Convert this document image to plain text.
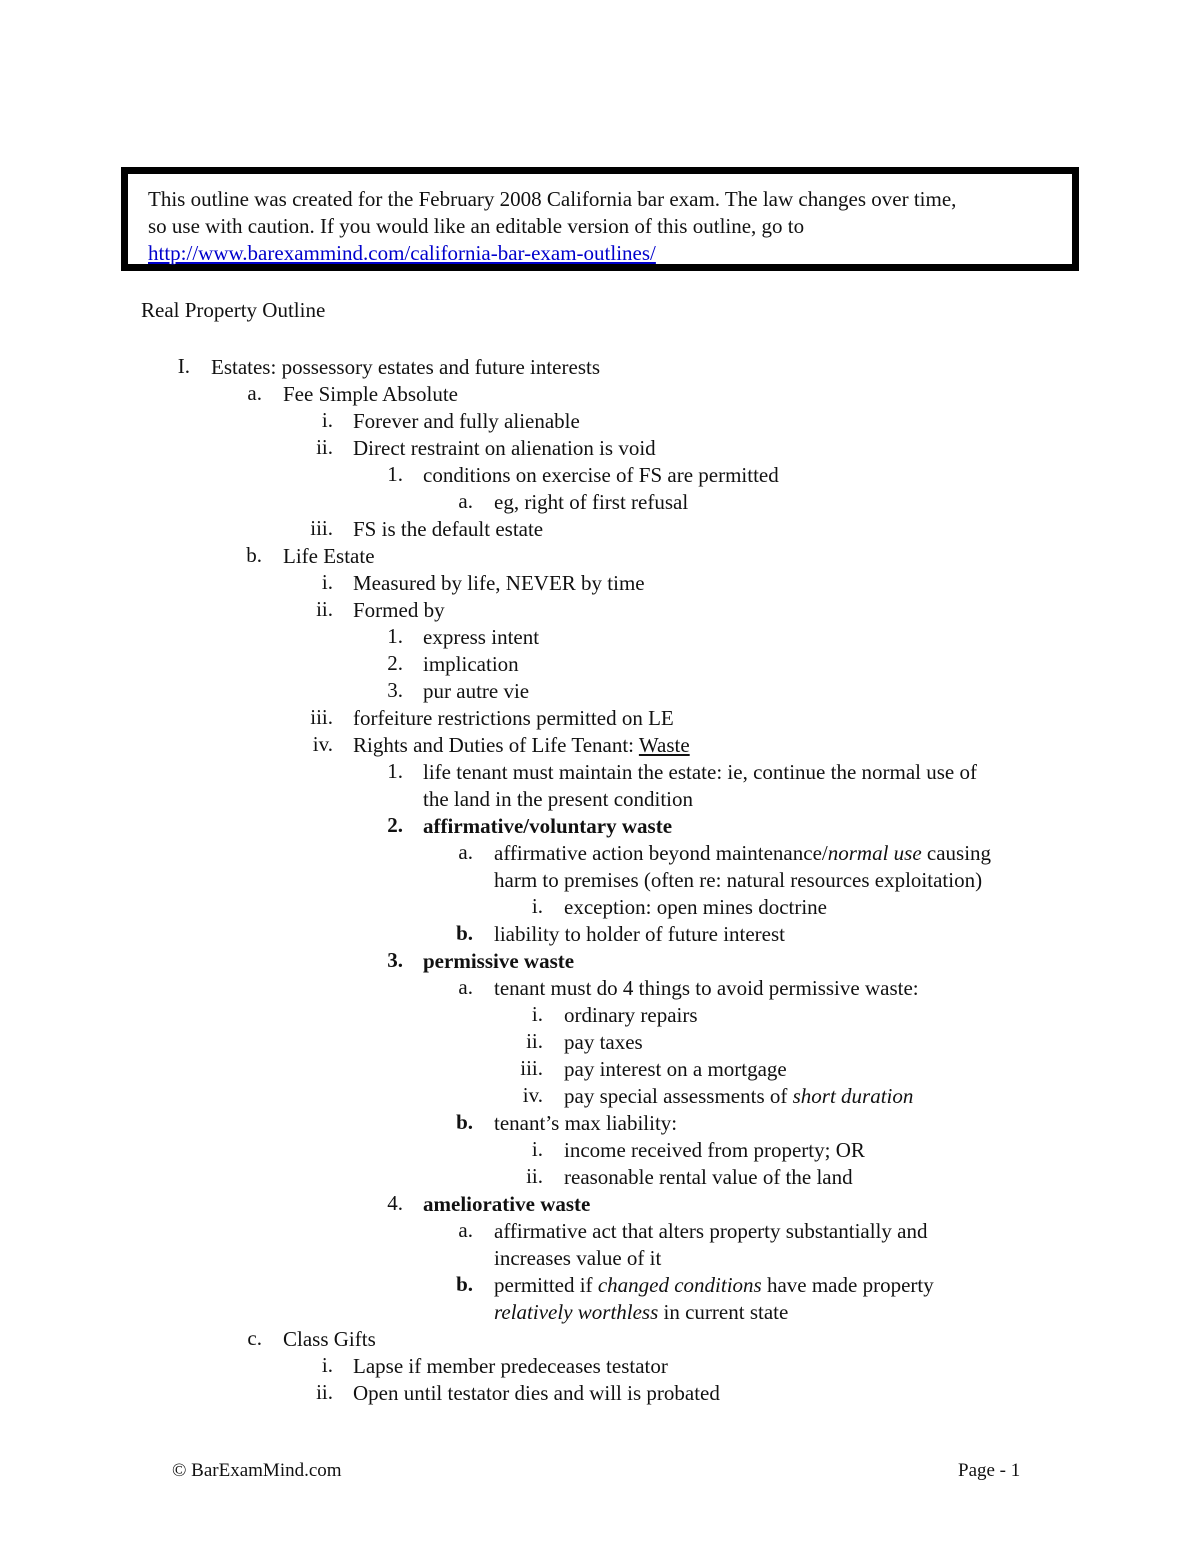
This outline was created for the February 2008 California bar exam. The law changes over time,

so use with caution. If you would like an editable version of this outline, go to

http://www.barexammind.com/california-bar-exam-outlines/

Real Property Outline
I. Estates: possessory estates and future interests
a. Fee Simple Absolute
i. Forever and fully alienable
ii. Direct restraint on alienation is void
1. conditions on exercise of FS are permitted
a. eg, right of first refusal
iii. FS is the default estate
b. Life Estate
i. Measured by life, NEVER by time
ii. Formed by
1. express intent
2. implication
3. pur autre vie
iii. forfeiture restrictions permitted on LE
iv. Rights and Duties of Life Tenant: Waste
1. life tenant must maintain the estate: ie, continue the normal use of
the land in the present condition
2. affirmative/voluntary waste
a. affirmative action beyond maintenance/normal use causing
harm to premises (often re: natural resources exploitation)
i. exception: open mines doctrine
b. liability to holder of future interest
3. permissive waste
a. tenant must do 4 things to avoid permissive waste:
i. ordinary repairs
ii. pay taxes
iii. pay interest on a mortgage
iv. pay special assessments of short duration
b. tenant’s max liability:
i. income received from property; OR
ii. reasonable rental value of the land
4. ameliorative waste
a. affirmative act that alters property substantially and
increases value of it
b. permitted if changed conditions have made property
relatively worthless in current state
c. Class Gifts
i. Lapse if member predeceases testator
ii. Open until testator dies and will is probated
© BarExamMind.com	Page - 1
